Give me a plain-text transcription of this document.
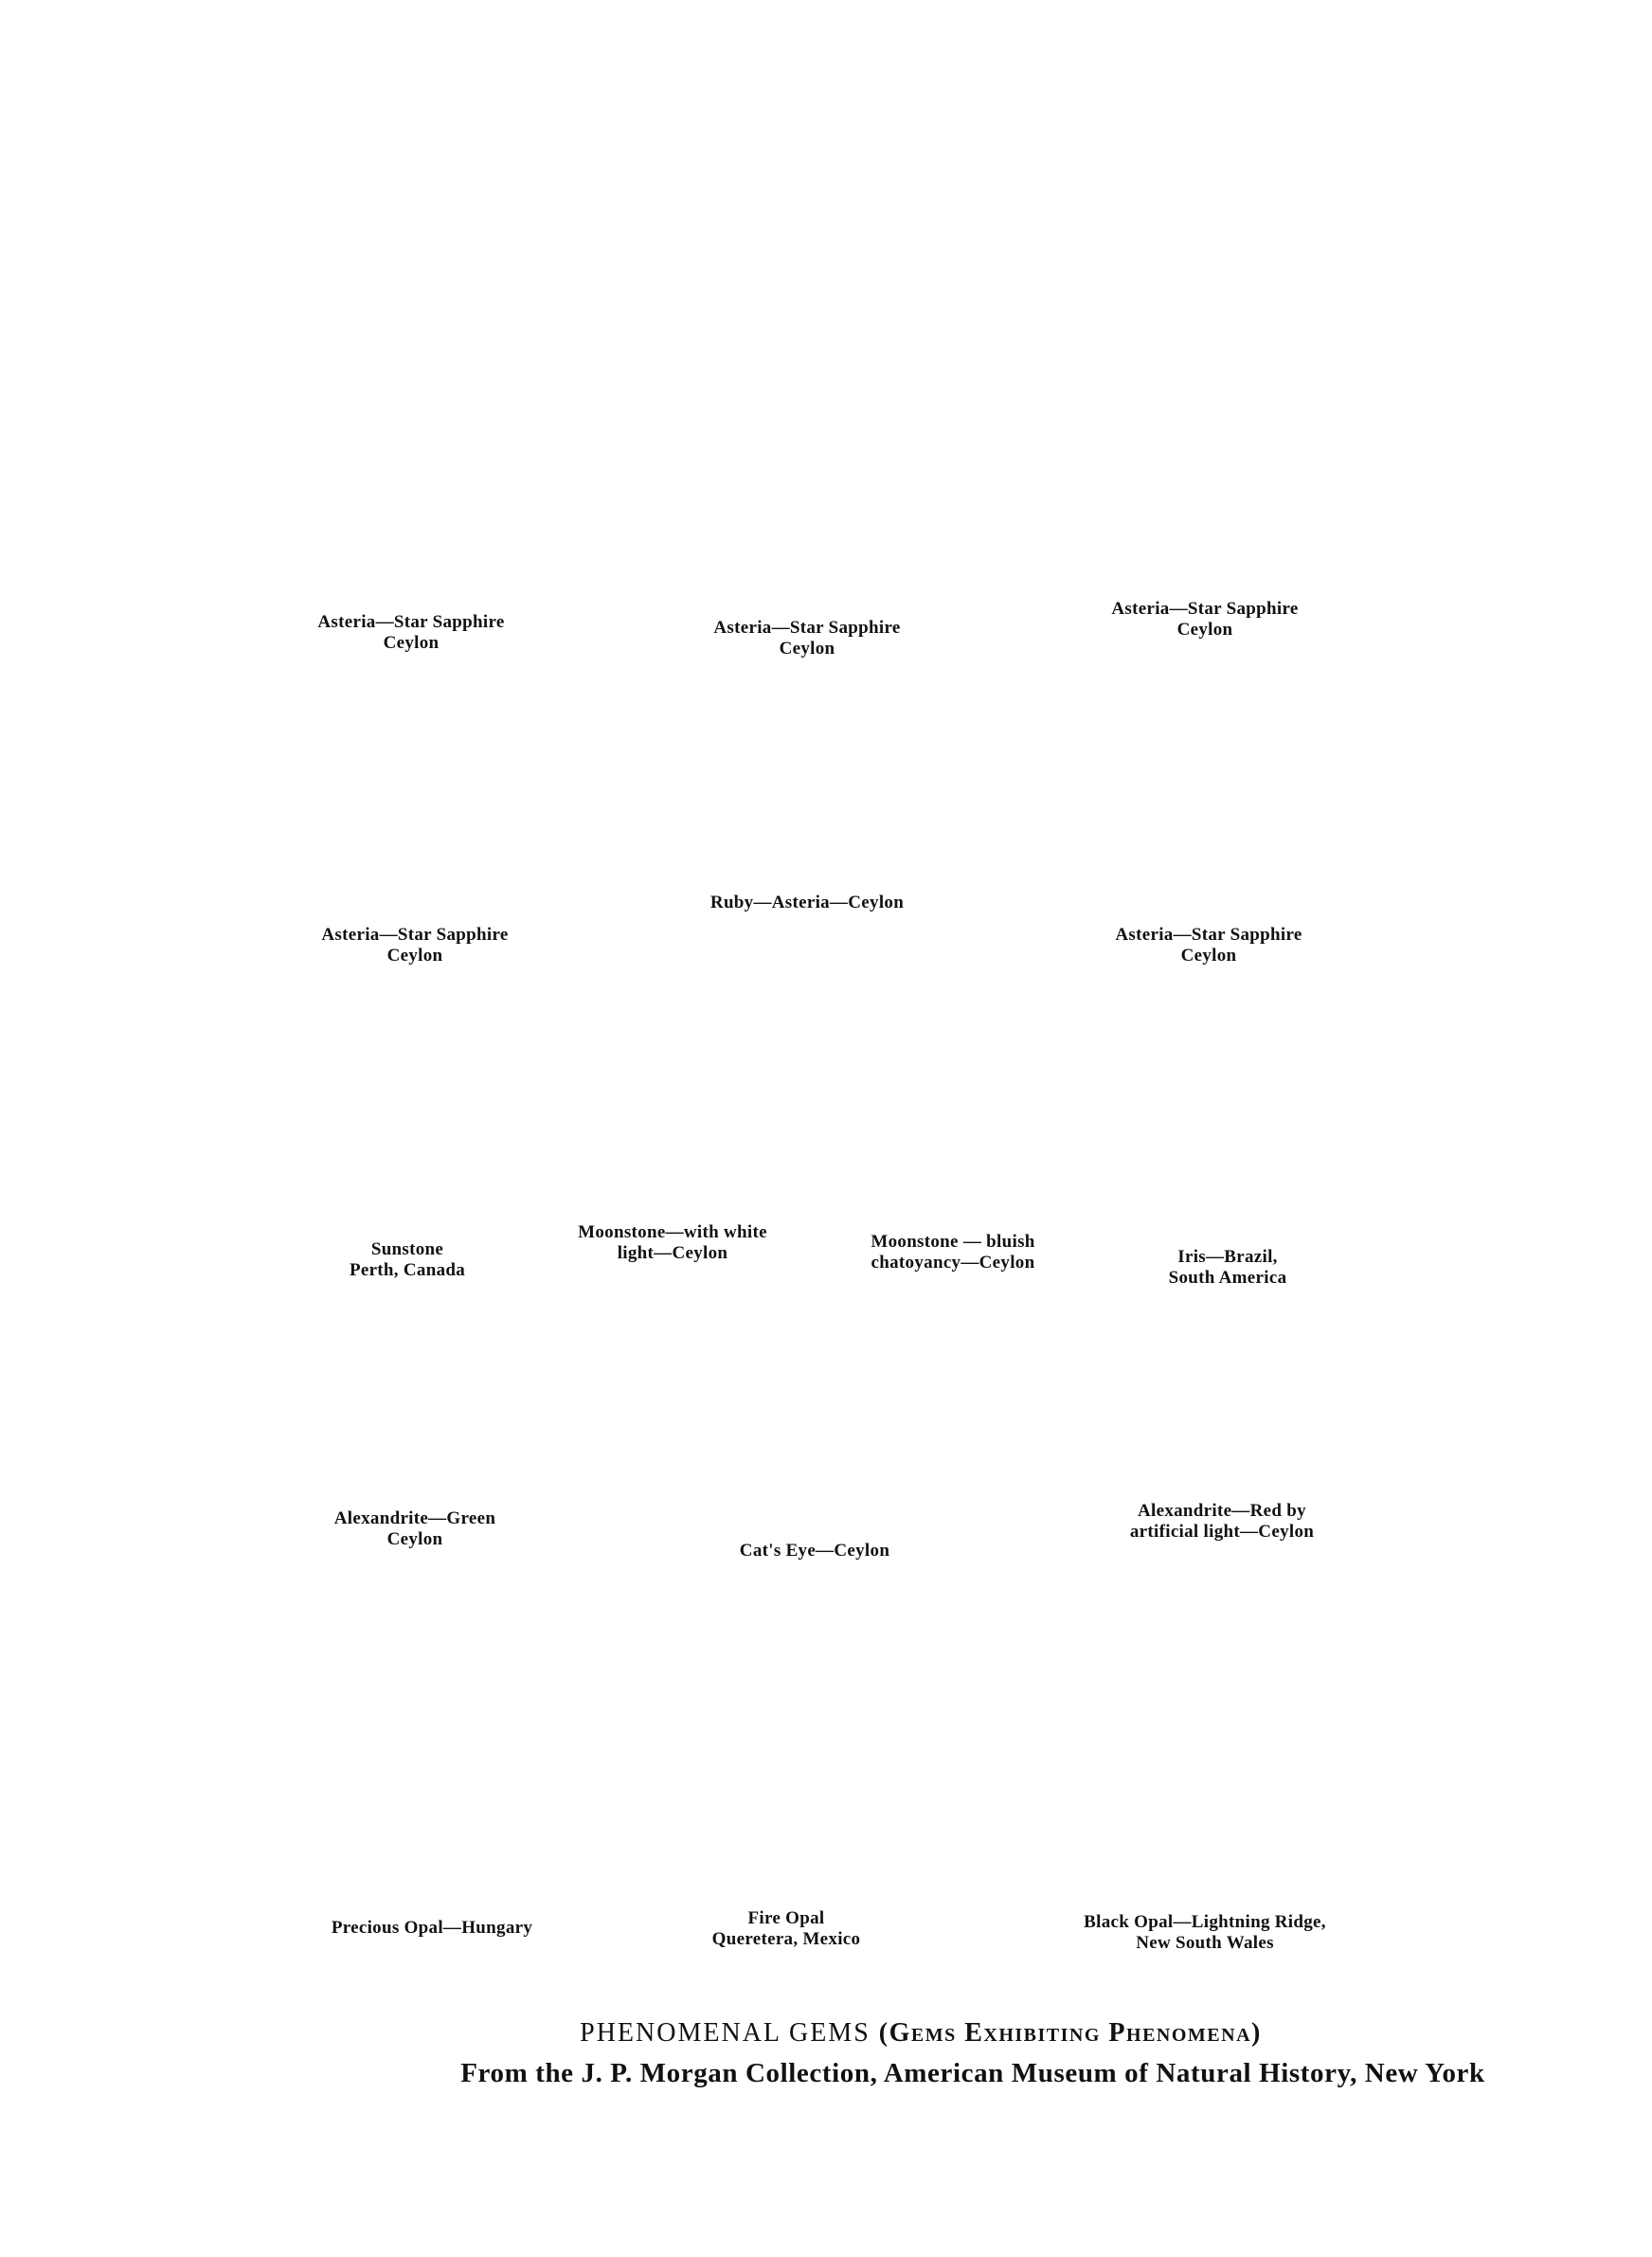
Asteria—Star Sapphire
Ceylon
Asteria—Star Sapphire
Ceylon
Asteria—Star Sapphire
Ceylon
Asteria—Star Sapphire
Ceylon
Ruby—Asteria—Ceylon
Asteria—Star Sapphire
Ceylon
Sunstone
Perth, Canada
Moonstone—with white
light—Ceylon
Moonstone — bluish
chatoyancy—Ceylon	Iris—Brazil,
South America
Alexandrite—Green
Ceylon
Cat's Eye—Ceylon
Alexandrite—Red by
artificial light—Ceylon
Precious Opal—Hungary	Fire Opal
Queretera, Mexico
Black Opal—Lightning Ridge,
New South Wales
PHENOMENAL GEMS (Gems Exhibiting Phenomena)
From the J. P. Morgan Collection, American Museum of Natural History, New York
